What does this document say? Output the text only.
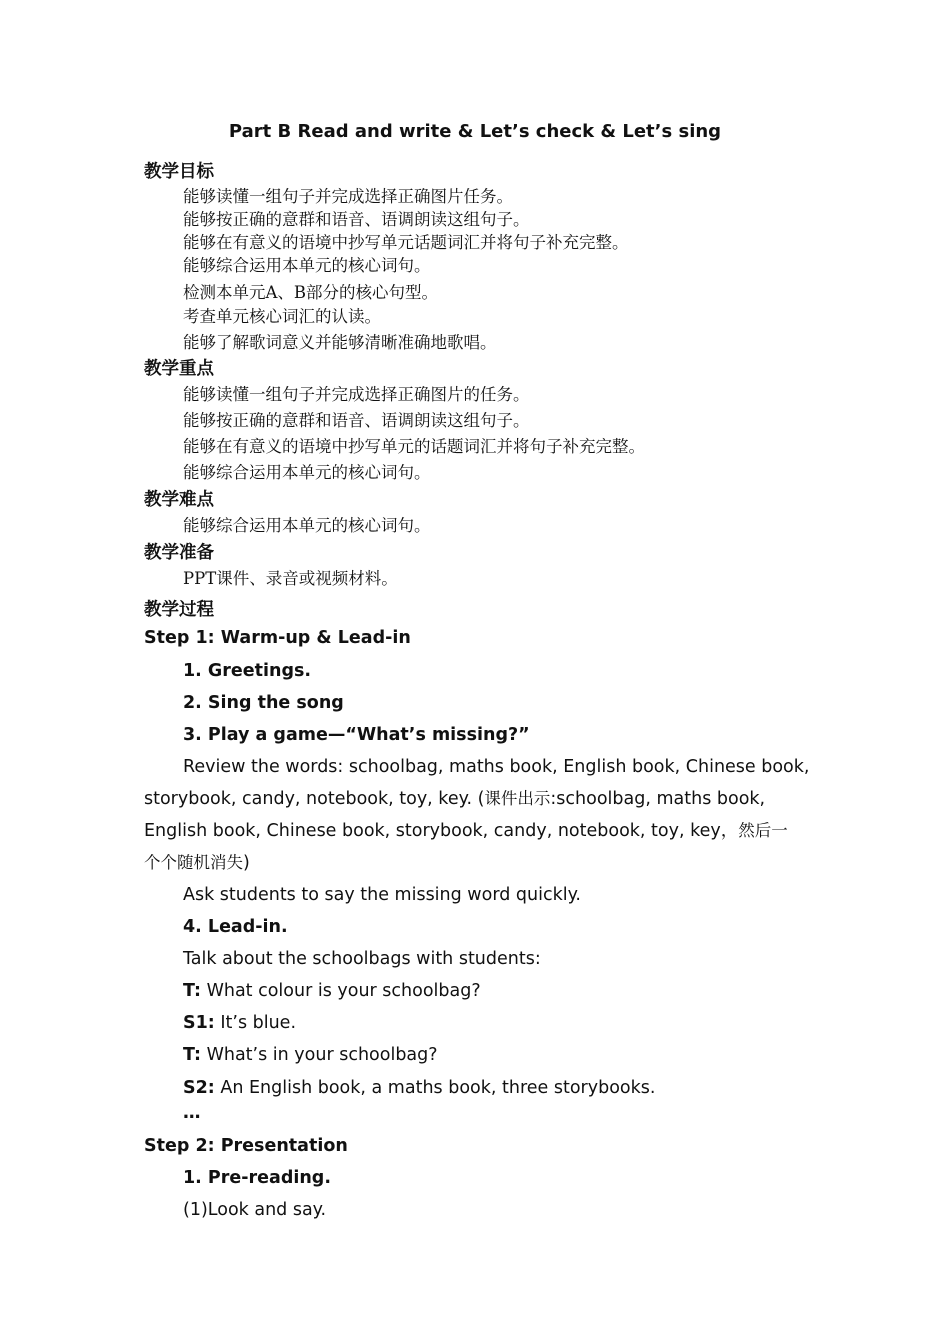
Part B Read and write & Let’s check & Let’s sing
教学目标
能够读懂一组句子并完成选择正确图片任务。
能够按正确的意群和语音、语调朗读这组句子。
能够在有意义的语境中抄写单元话题词汇并将句子补充完整。
能够综合运用本单元的核心词句。
检测本单元A、B部分的核心句型。
考查单元核心词汇的认读。
能够了解歌词意义并能够清晰准确地歌唱。
教学重点
能够读懂一组句子并完成选择正确图片的任务。
能够按正确的意群和语音、语调朗读这组句子。
能够在有意义的语境中抄写单元的话题词汇并将句子补充完整。
能够综合运用本单元的核心词句。
教学难点
能够综合运用本单元的核心词句。
教学准备
PPT课件、录音或视频材料。
教学过程
Step 1: Warm-up & Lead-in
1. Greetings.
2. Sing the song
3. Play a game—“What’s missing?”
Review the words: schoolbag, maths book, English book, Chinese book,
storybook, candy, notebook, toy, key. (课件出示:schoolbag, maths book,
English book, Chinese book, storybook, candy, notebook, toy, key，然后一
个个随机消失)
Ask students to say the missing word quickly.
4. Lead-in.
Talk about the schoolbags with students:
T: What colour is your schoolbag?
S1: It’s blue.
T: What’s in your schoolbag?
S2: An English book, a maths book, three storybooks.
…
Step 2: Presentation
1. Pre-reading.
(1)Look and say.
